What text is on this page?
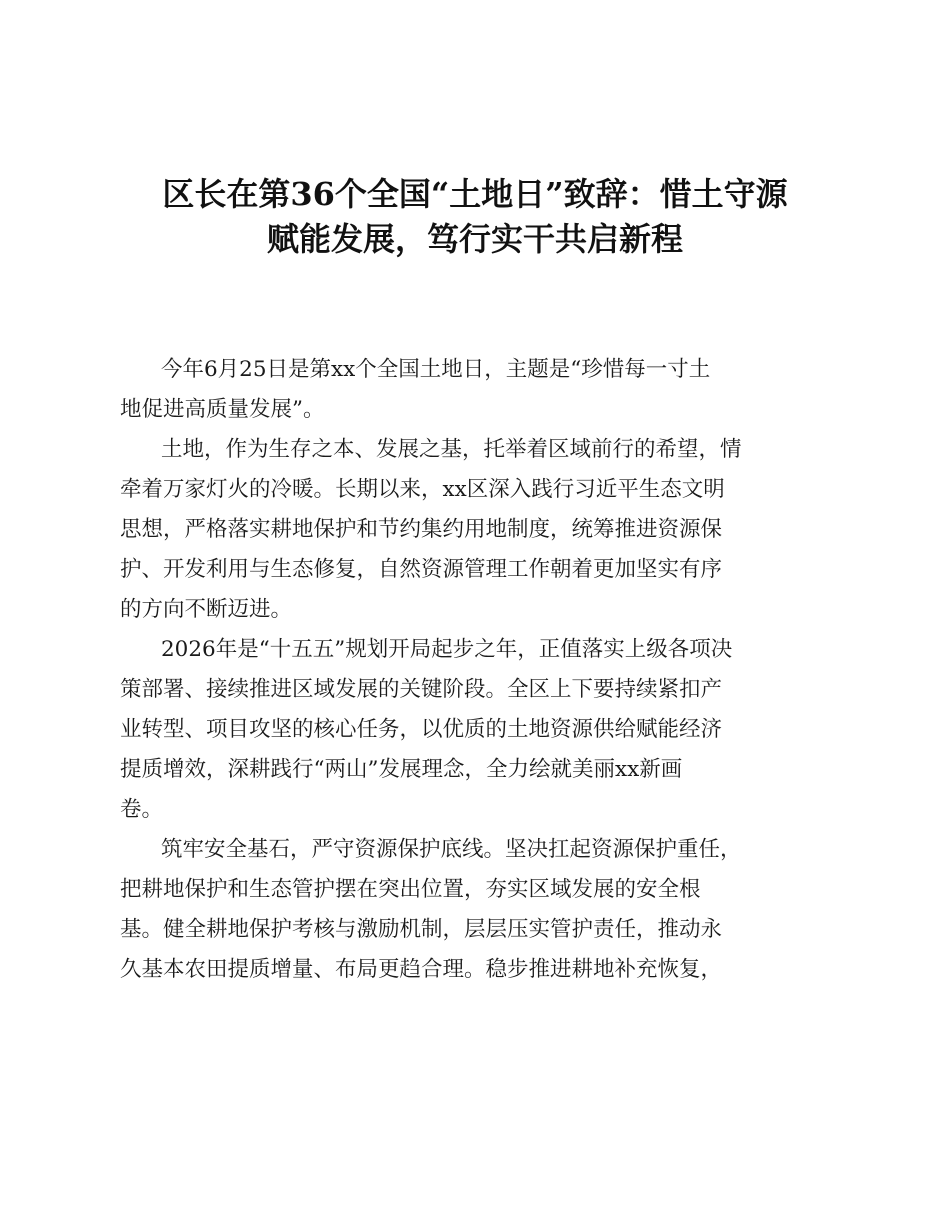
区长在第36个全国“土地日”致辞：惜土守源
赋能发展，笃行实干共启新程
今年6月25日是第xx个全国土地日，主题是“珍惜每一寸土
地促进高质量发展”。
土地，作为生存之本、发展之基，托举着区域前行的希望，情
牵着万家灯火的冷暖。长期以来，xx区深入践行习近平生态文明
思想，严格落实耕地保护和节约集约用地制度，统筹推进资源保
护、开发利用与生态修复，自然资源管理工作朝着更加坚实有序
的方向不断迈进。
2026年是“十五五”规划开局起步之年，正值落实上级各项决
策部署、接续推进区域发展的关键阶段。全区上下要持续紧扣产
业转型、项目攻坚的核心任务，以优质的土地资源供给赋能经济
提质增效，深耕践行“两山”发展理念，全力绘就美丽xx新画
卷。
筑牢安全基石，严守资源保护底线。坚决扛起资源保护重任，
把耕地保护和生态管护摆在突出位置，夯实区域发展的安全根
基。健全耕地保护考核与激励机制，层层压实管护责任，推动永
久基本农田提质增量、布局更趋合理。稳步推进耕地补充恢复，
